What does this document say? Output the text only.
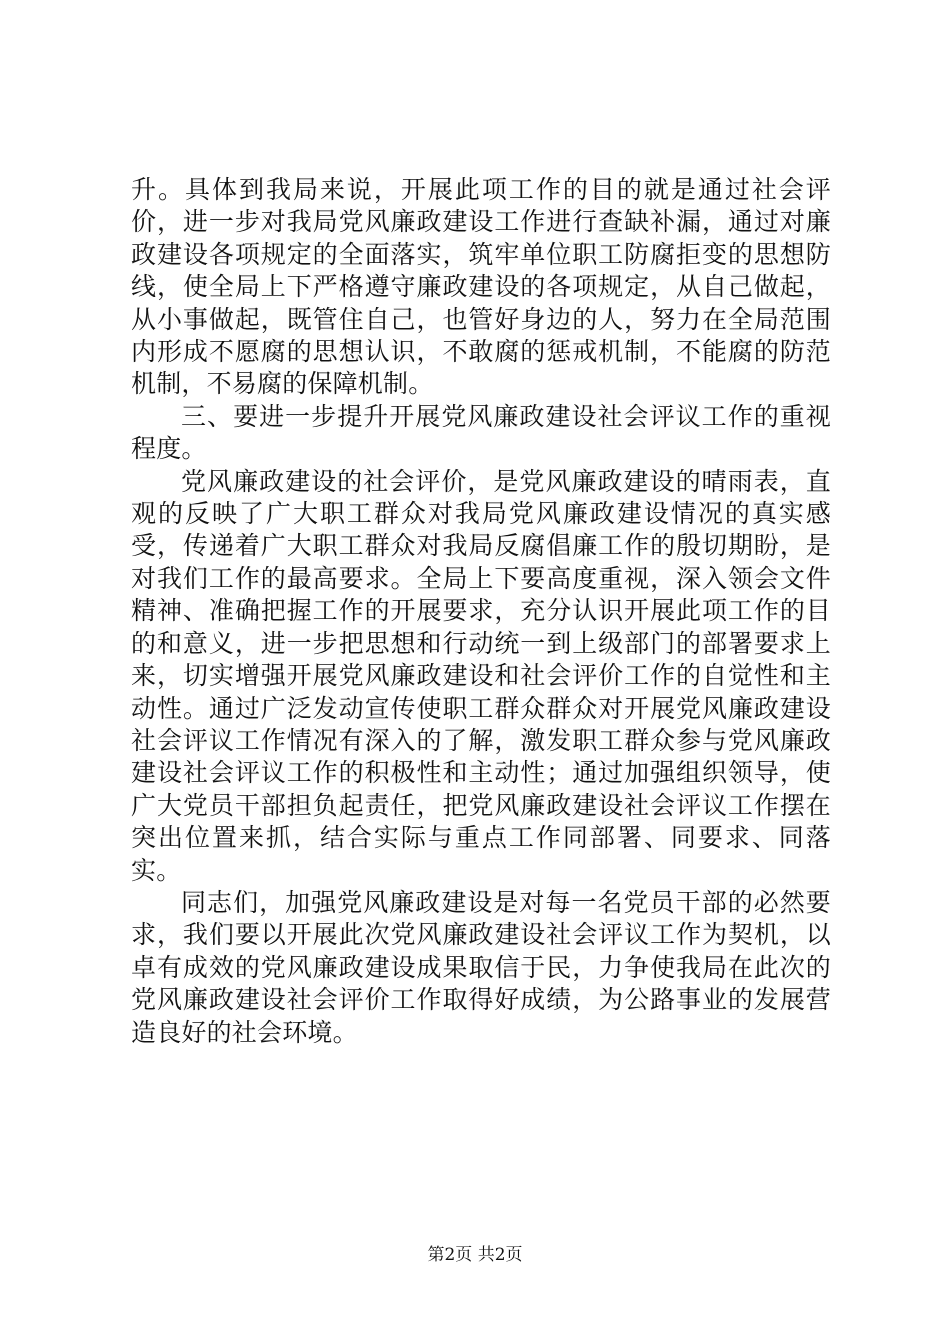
升。具体到我局来说，开展此项工作的目的就是通过社会评价，进一步对我局党风廉政建设工作进行查缺补漏，通过对廉政建设各项规定的全面落实，筑牢单位职工防腐拒变的思想防线，使全局上下严格遵守廉政建设的各项规定，从自己做起，从小事做起，既管住自己，也管好身边的人，努力在全局范围内形成不愿腐的思想认识，不敢腐的惩戒机制，不能腐的防范机制，不易腐的保障机制。

三、要进一步提升开展党风廉政建设社会评议工作的重视程度。

党风廉政建设的社会评价，是党风廉政建设的晴雨表，直观的反映了广大职工群众对我局党风廉政建设情况的真实感受，传递着广大职工群众对我局反腐倡廉工作的殷切期盼，是对我们工作的最高要求。全局上下要高度重视，深入领会文件精神、准确把握工作的开展要求，充分认识开展此项工作的目的和意义，进一步把思想和行动统一到上级部门的部署要求上来，切实增强开展党风廉政建设和社会评价工作的自觉性和主动性。通过广泛发动宣传使职工群众群众对开展党风廉政建设社会评议工作情况有深入的了解，激发职工群众参与党风廉政建设社会评议工作的积极性和主动性；通过加强组织领导，使广大党员干部担负起责任，把党风廉政建设社会评议工作摆在突出位置来抓，结合实际与重点工作同部署、同要求、同落实。

同志们，加强党风廉政建设是对每一名党员干部的必然要求，我们要以开展此次党风廉政建设社会评议工作为契机，以卓有成效的党风廉政建设成果取信于民，力争使我局在此次的党风廉政建设社会评价工作取得好成绩，为公路事业的发展营造良好的社会环境。

第2页 共2页
